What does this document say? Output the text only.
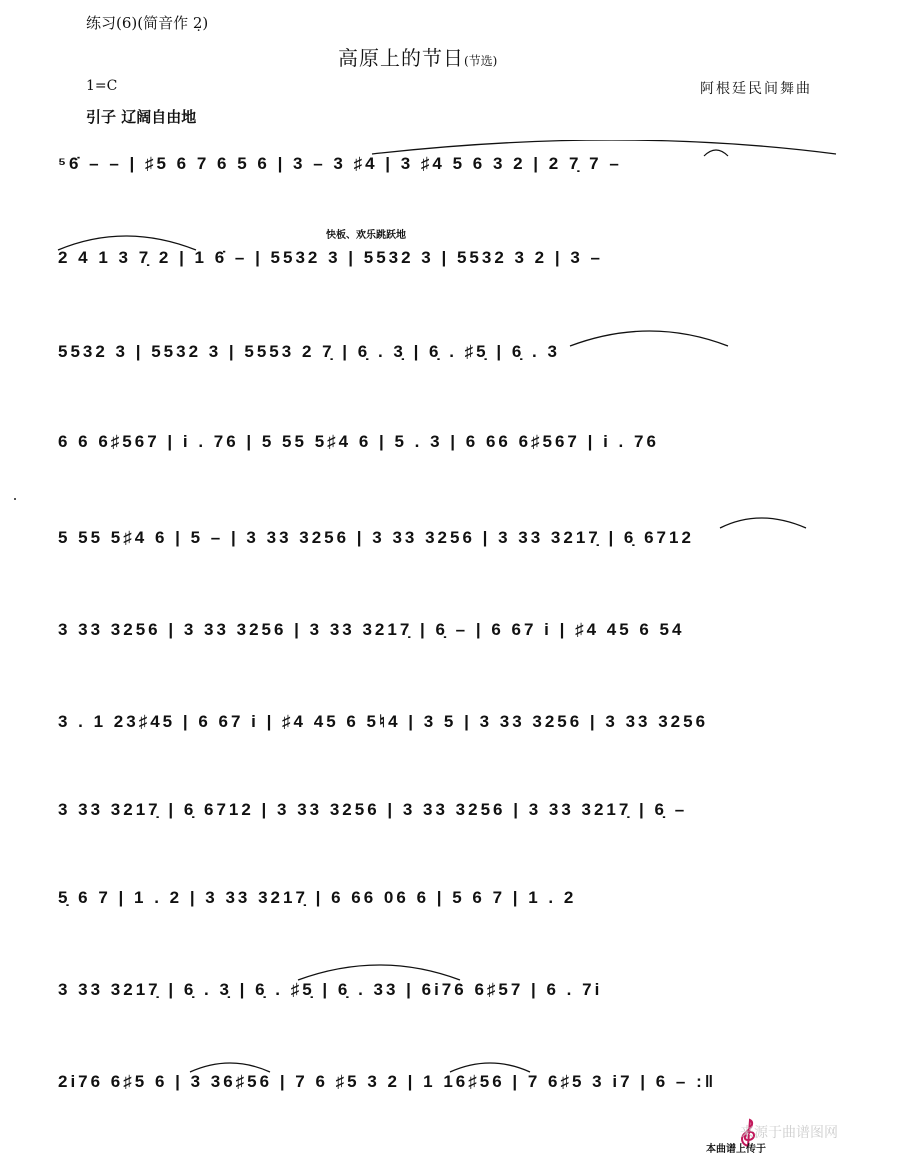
练习(6)(简音作 2̣)
高原上的节日(节选)
1=C	阿根廷民间舞曲
引子 辽阔自由地
快板、欢乐跳跃地
⁵6̇ – – | ♯5 6 7 6 5 6 | 3 – 3 ♯4 | 3 ♯4 5 6 3 2 | 2 7̣ 7 –
2 4 1 3 7̣ 2 | 1 6̇ – | 5532 3 | 5532 3 | 5532 3 2 | 3 –
5532 3 | 5532 3 | 5553 2 7̣ | 6̣ . 3̣ | 6̣ . ♯5̣ | 6̣ . 3
6 6 6♯567 | i . 76 | 5 55 5♯4 6 | 5 . 3 | 6 66 6♯567 | i . 76
5 55 5♯4 6 | 5 – | 3 33 3256 | 3 33 3256 | 3 33 3217̣ | 6̣ 6712
3 33 3256 | 3 33 3256 | 3 33 3217̣ | 6̣ – | 6 67 i | ♯4 45 6 54
3 . 1 23♯45 | 6 67 i | ♯4 45 6 5♮4 | 3 5 | 3 33 3256 | 3 33 3256
3 33 3217̣ | 6̣ 6712 | 3 33 3256 | 3 33 3256 | 3 33 3217̣ | 6̣ –
5̣ 6 7 | 1 . 2 | 3 33 3217̣ | 6 66 06 6 | 5 6 7 | 1 . 2
3 33 3217̣ | 6̣ . 3̣ | 6̣ . ♯5̣ | 6̣ . 33 | 6i76 6♯57 | 6 . 7i
2i76 6♯5 6 | 3 36♯56 | 7 6 ♯5 3 2 | 1 16♯56 | 7 6♯5 3 i7 | 6 – :‖
来源于曲谱图网
本曲谱上传于
